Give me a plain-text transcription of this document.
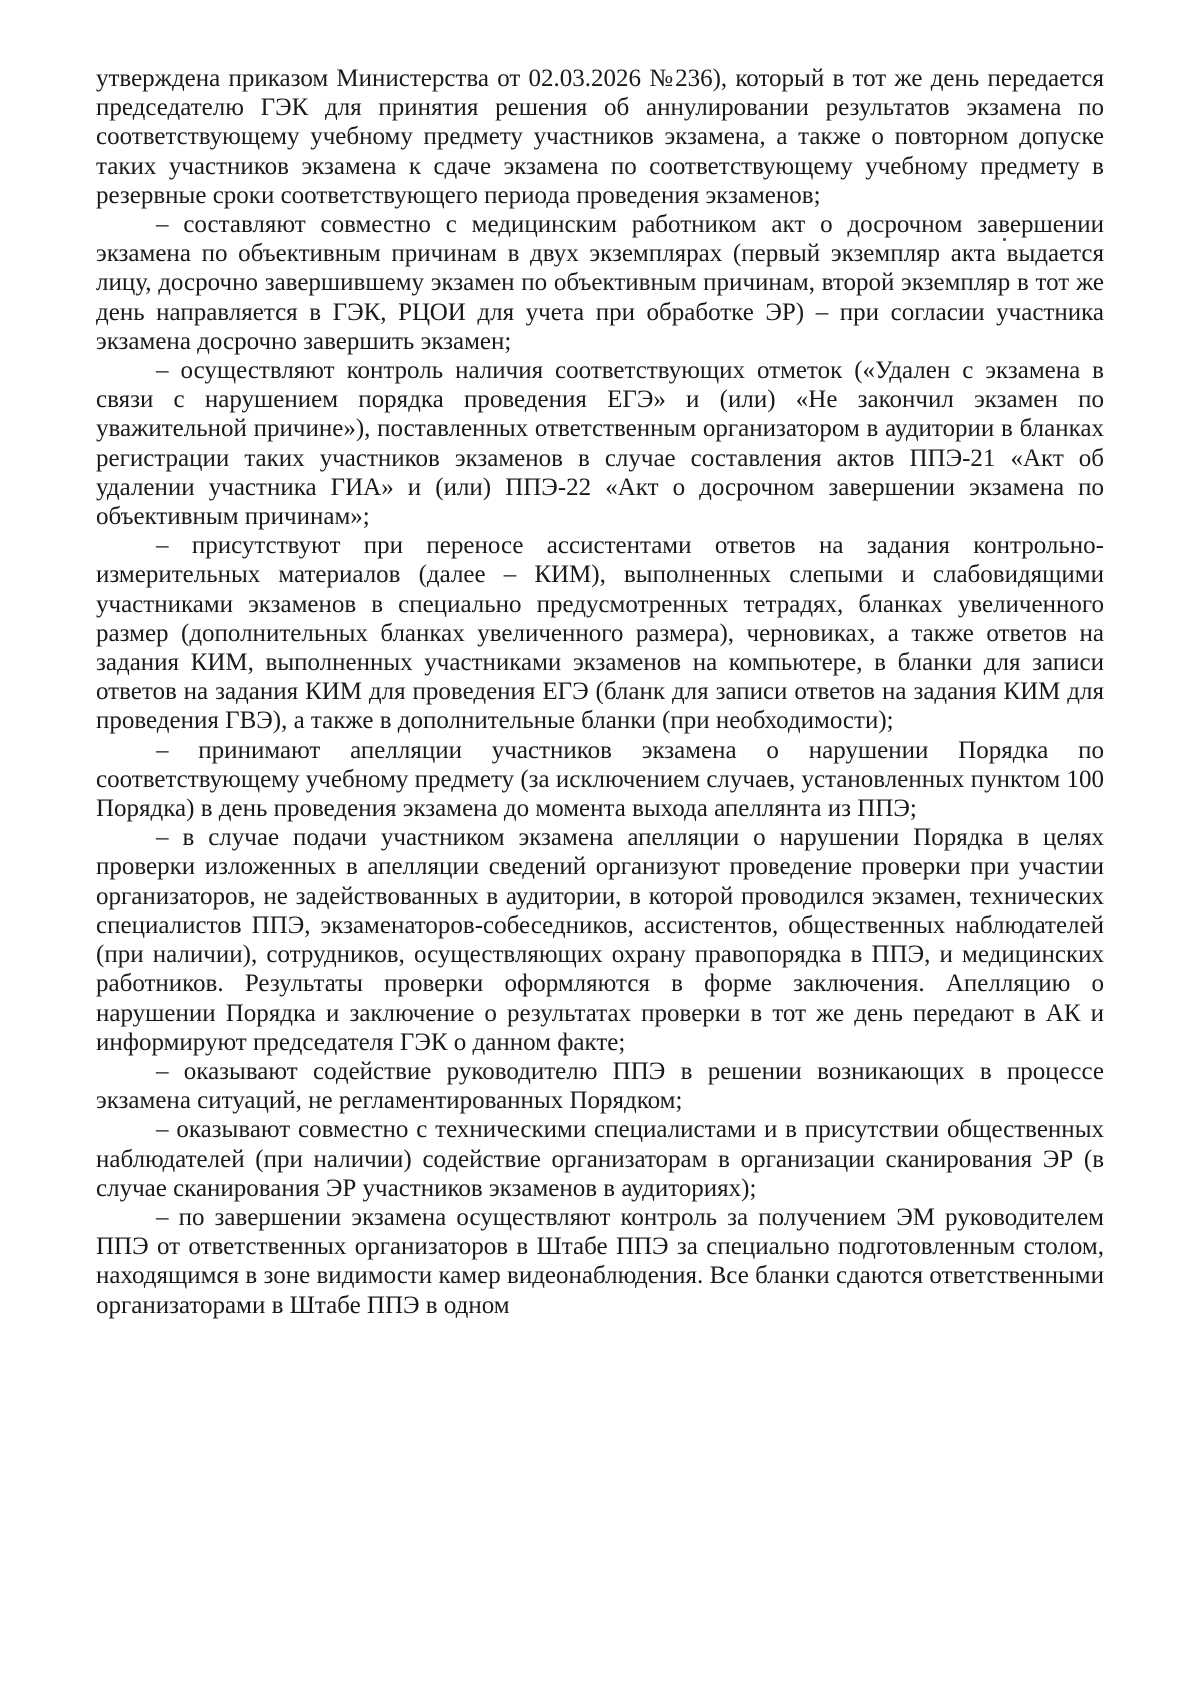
утверждена приказом Министерства от 02.03.2026 №236), который в тот же день передается председателю ГЭК для принятия решения об аннулировании результатов экзамена по соответствующему учебному предмету участников экзамена, а также о повторном допуске таких участников экзамена к сдаче экзамена по соответствующему учебному предмету в резервные сроки соответствующего периода проведения экзаменов;

– составляют совместно с медицинским работником акт о досрочном завершении экзамена по объективным причинам в двух экземплярах (первый экземпляр акта выдается лицу, досрочно завершившему экзамен по объективным причинам, второй экземпляр в тот же день направляется в ГЭК, РЦОИ для учета при обработке ЭР) – при согласии участника экзамена досрочно завершить экзамен;

– осуществляют контроль наличия соответствующих отметок («Удален с экзамена в связи с нарушением порядка проведения ЕГЭ» и (или) «Не закончил экзамен по уважительной причине»), поставленных ответственным организатором в аудитории в бланках регистрации таких участников экзаменов в случае составления актов ППЭ-21 «Акт об удалении участника ГИА» и (или) ППЭ-22 «Акт о досрочном завершении экзамена по объективным причинам»;

– присутствуют при переносе ассистентами ответов на задания контрольно-измерительных материалов (далее – КИМ), выполненных слепыми и слабовидящими участниками экзаменов в специально предусмотренных тетрадях, бланках увеличенного размер (дополнительных бланках увеличенного размера), черновиках, а также ответов на задания КИМ, выполненных участниками экзаменов на компьютере, в бланки для записи ответов на задания КИМ для проведения ЕГЭ (бланк для записи ответов на задания КИМ для проведения ГВЭ), а также в дополнительные бланки (при необходимости);

– принимают апелляции участников экзамена о нарушении Порядка по соответствующему учебному предмету (за исключением случаев, установленных пунктом 100 Порядка) в день проведения экзамена до момента выхода апеллянта из ППЭ;

– в случае подачи участником экзамена апелляции о нарушении Порядка в целях проверки изложенных в апелляции сведений организуют проведение проверки при участии организаторов, не задействованных в аудитории, в которой проводился экзамен, технических специалистов ППЭ, экзаменаторов-собеседников, ассистентов, общественных наблюдателей (при наличии), сотрудников, осуществляющих охрану правопорядка в ППЭ, и медицинских работников. Результаты проверки оформляются в форме заключения. Апелляцию о нарушении Порядка и заключение о результатах проверки в тот же день передают в АК и информируют председателя ГЭК о данном факте;

– оказывают содействие руководителю ППЭ в решении возникающих в процессе экзамена ситуаций, не регламентированных Порядком;

– оказывают совместно с техническими специалистами и в присутствии общественных наблюдателей (при наличии) содействие организаторам в организации сканирования ЭР (в случае сканирования ЭР участников экзаменов в аудиториях);

– по завершении экзамена осуществляют контроль за получением ЭМ руководителем ППЭ от ответственных организаторов в Штабе ППЭ за специально подготовленным столом, находящимся в зоне видимости камер видеонаблюдения. Все бланки сдаются ответственными организаторами в Штабе ППЭ в одном
